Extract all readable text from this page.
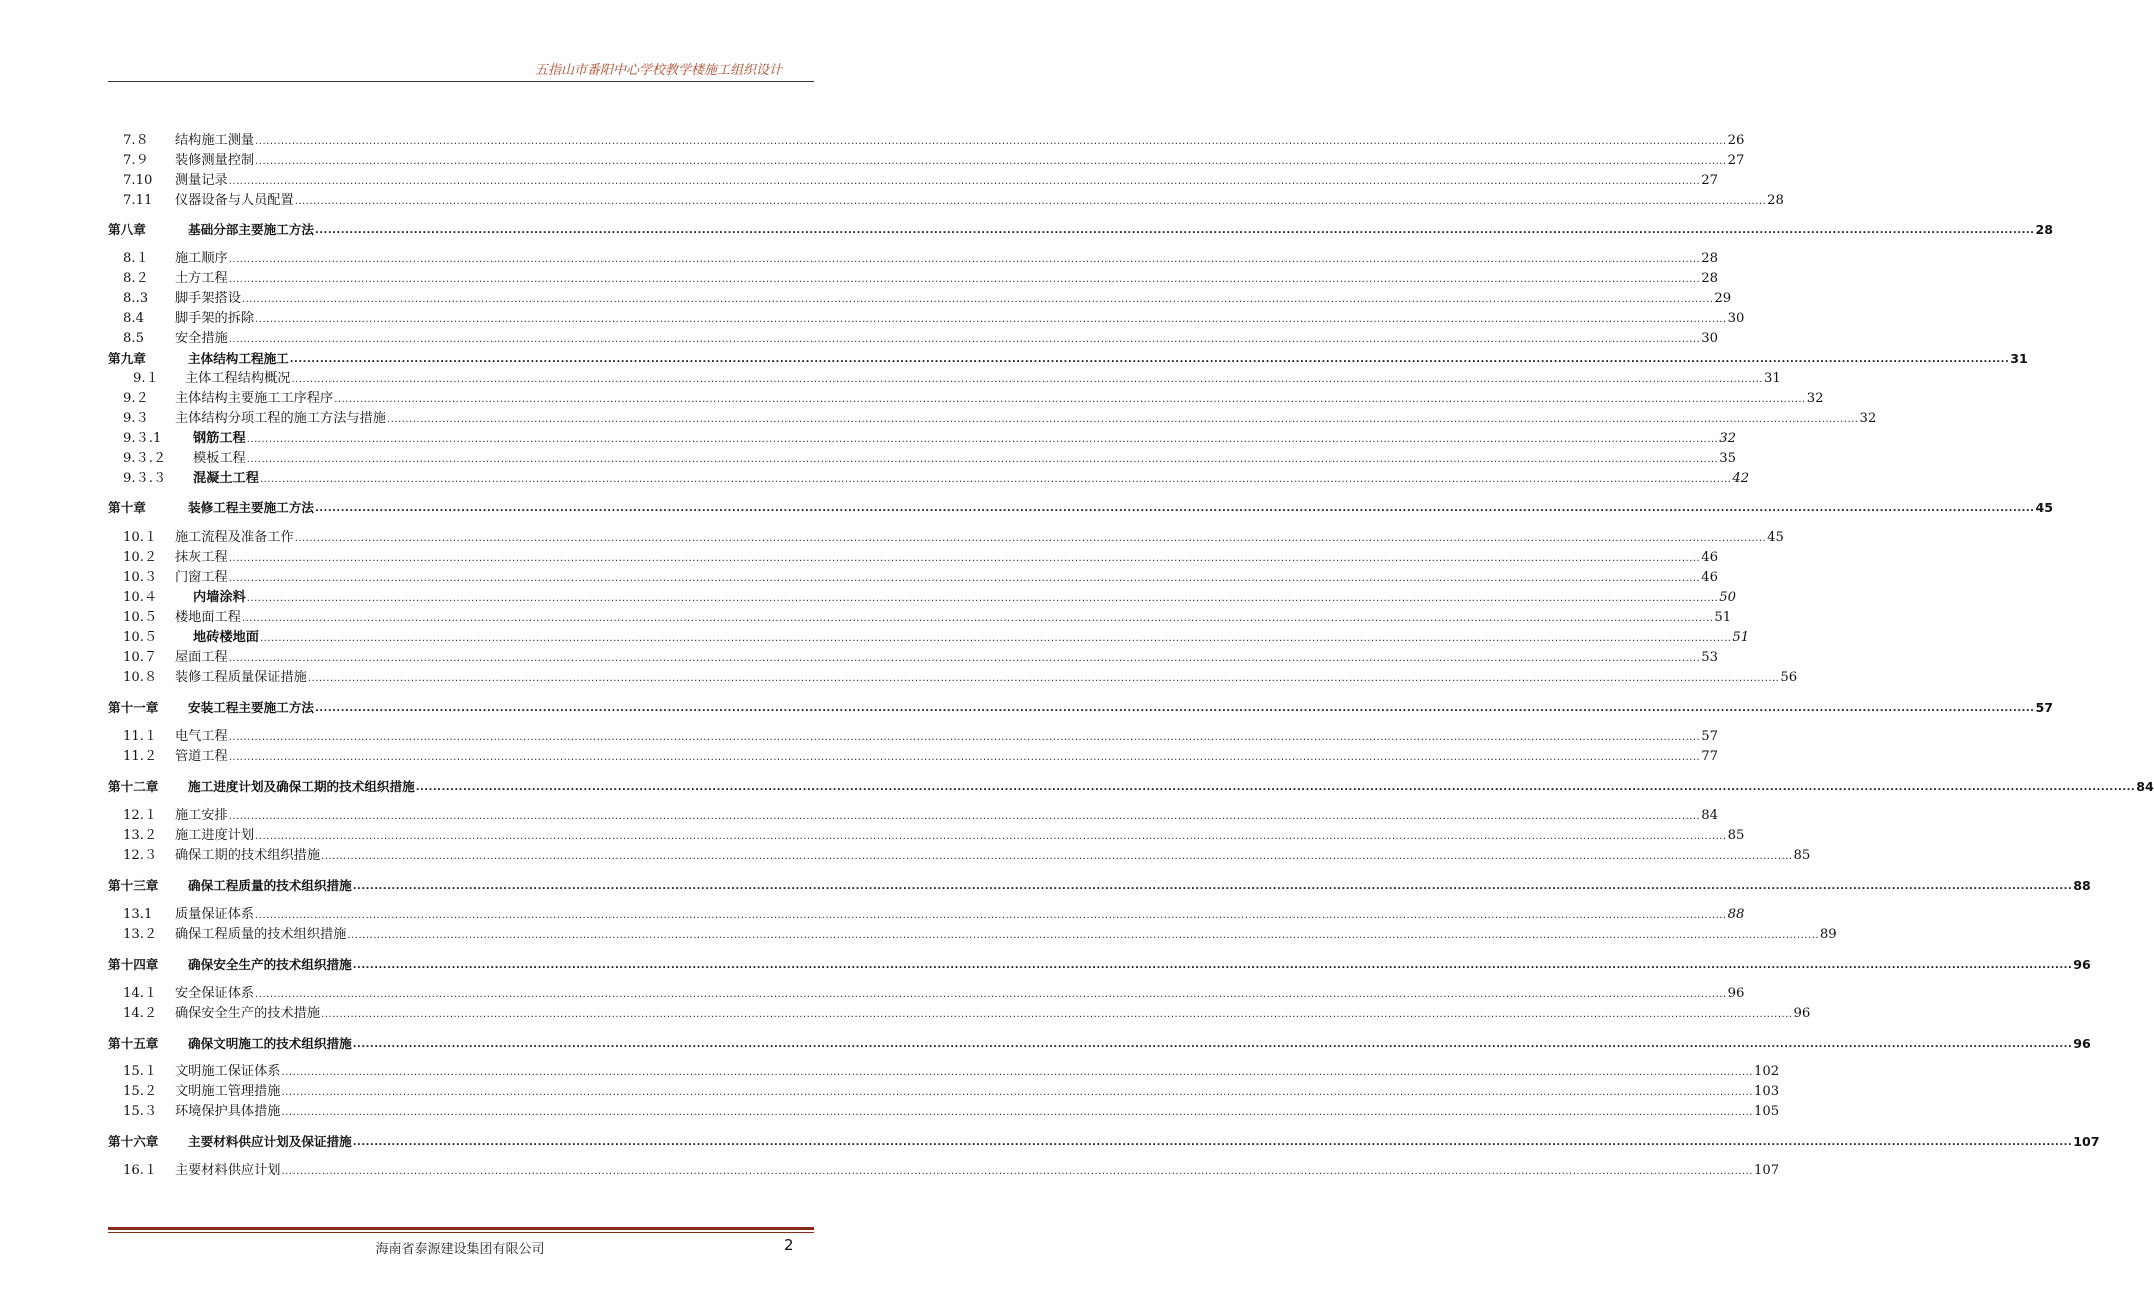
五指山市番阳中心学校教学楼施工组织设计
7.８	结构施工测量 ................................................................................................................................................................................................................................................................................................................................................................................................................ 26
7.９	装修测量控制 ................................................................................................................................................................................................................................................................................................................................................................................................................ 27
7.10	测量记录 ................................................................................................................................................................................................................................................................................................................................................................................................................ 27
7.11	仪器设备与人员配置 ................................................................................................................................................................................................................................................................................................................................................................................................................ 28
第八章	基础分部主要施工方法 ................................................................................................................................................................................................................................................................................................................................................................................................................ 28
8.１	施工顺序 ................................................................................................................................................................................................................................................................................................................................................................................................................ 28
8.２	土方工程 ................................................................................................................................................................................................................................................................................................................................................................................................................ 28
8..3	脚手架搭设 ................................................................................................................................................................................................................................................................................................................................................................................................................ 29
8.4	脚手架的拆除 ................................................................................................................................................................................................................................................................................................................................................................................................................ 30
8.5	安全措施 ................................................................................................................................................................................................................................................................................................................................................................................................................ 30
第九章	主体结构工程施工 ................................................................................................................................................................................................................................................................................................................................................................................................................ 31
9.１	主体工程结构概况 ................................................................................................................................................................................................................................................................................................................................................................................................................ 31
9.２	主体结构主要施工工序程序 ................................................................................................................................................................................................................................................................................................................................................................................................................ 32
9.３	主体结构分项工程的施工方法与措施 ................................................................................................................................................................................................................................................................................................................................................................................................................ 32
9.３.1	钢筋工程 ................................................................................................................................................................................................................................................................................................................................................................................................................ 32
9.３.２	模板工程 ................................................................................................................................................................................................................................................................................................................................................................................................................ 35
9.３.３	混凝土工程 ................................................................................................................................................................................................................................................................................................................................................................................................................ 42
第十章	装修工程主要施工方法 ................................................................................................................................................................................................................................................................................................................................................................................................................ 45
10.１	施工流程及准备工作 ................................................................................................................................................................................................................................................................................................................................................................................................................ 45
10.２	抹灰工程 ................................................................................................................................................................................................................................................................................................................................................................................................................ 46
10.３	门窗工程 ................................................................................................................................................................................................................................................................................................................................................................................................................ 46
10.４	内墙涂料 ................................................................................................................................................................................................................................................................................................................................................................................................................ 50
10.５	楼地面工程 ................................................................................................................................................................................................................................................................................................................................................................................................................ 51
10.５	地砖楼地面 ................................................................................................................................................................................................................................................................................................................................................................................................................ 51
10.７	屋面工程 ................................................................................................................................................................................................................................................................................................................................................................................................................ 53
10.８	装修工程质量保证措施 ................................................................................................................................................................................................................................................................................................................................................................................................................ 56
第十一章	安装工程主要施工方法 ................................................................................................................................................................................................................................................................................................................................................................................................................ 57
11.１	电气工程 ................................................................................................................................................................................................................................................................................................................................................................................................................ 57
11.２	管道工程 ................................................................................................................................................................................................................................................................................................................................................................................................................ 77
第十二章	施工进度计划及确保工期的技术组织措施 ................................................................................................................................................................................................................................................................................................................................................................................................................ 84
12.１	施工安排 ................................................................................................................................................................................................................................................................................................................................................................................................................ 84
13.２	施工进度计划 ................................................................................................................................................................................................................................................................................................................................................................................................................ 85
12.３	确保工期的技术组织措施 ................................................................................................................................................................................................................................................................................................................................................................................................................ 85
第十三章	确保工程质量的技术组织措施 ................................................................................................................................................................................................................................................................................................................................................................................................................ 88
13.1	质量保证体系 ................................................................................................................................................................................................................................................................................................................................................................................................................ 88
13.２	确保工程质量的技术组织措施 ................................................................................................................................................................................................................................................................................................................................................................................................................ 89
第十四章	确保安全生产的技术组织措施 ................................................................................................................................................................................................................................................................................................................................................................................................................ 96
14.１	安全保证体系 ................................................................................................................................................................................................................................................................................................................................................................................................................ 96
14.２	确保安全生产的技术措施 ................................................................................................................................................................................................................................................................................................................................................................................................................ 96
第十五章	确保文明施工的技术组织措施 ................................................................................................................................................................................................................................................................................................................................................................................................................ 96
15.１	文明施工保证体系 ................................................................................................................................................................................................................................................................................................................................................................................................................ 102
15.２	文明施工管理措施 ................................................................................................................................................................................................................................................................................................................................................................................................................ 103
15.３	环境保护具体措施 ................................................................................................................................................................................................................................................................................................................................................................................................................ 105
第十六章	主要材料供应计划及保证措施 ................................................................................................................................................................................................................................................................................................................................................................................................................ 107
16.１	主要材料供应计划 ................................................................................................................................................................................................................................................................................................................................................................................................................ 107
海南省泰源建设集团有限公司	2
